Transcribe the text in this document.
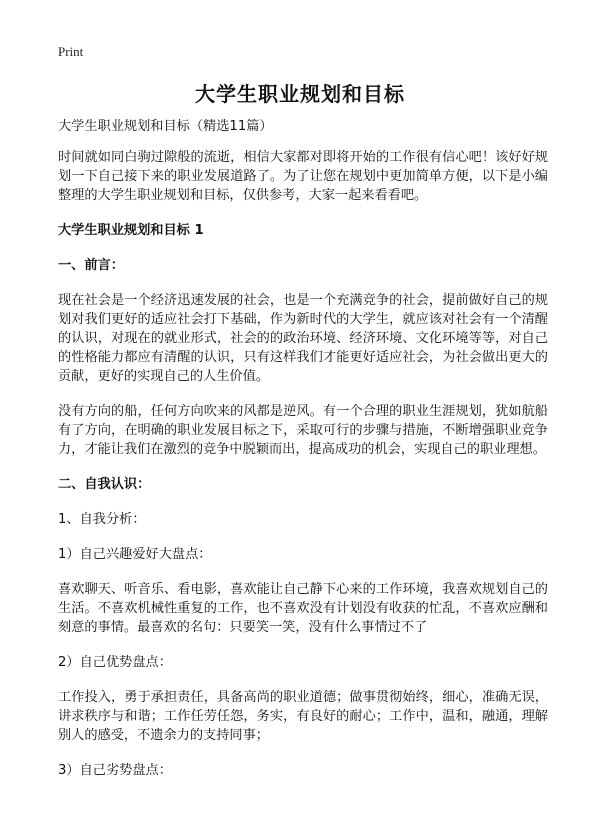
Print
大学生职业规划和目标

大学生职业规划和目标（精选11篇）

时间就如同白驹过隙般的流逝，相信大家都对即将开始的工作很有信心吧！该好好规划一下自己接下来的职业发展道路了。为了让您在规划中更加简单方便，以下是小编整理的大学生职业规划和目标，仅供参考，大家一起来看看吧。

大学生职业规划和目标 1

一、前言：

现在社会是一个经济迅速发展的社会，也是一个充满竞争的社会，提前做好自己的规划对我们更好的适应社会打下基础，作为新时代的大学生，就应该对社会有一个清醒的认识，对现在的就业形式，社会的的政治环境、经济环境、文化环境等等，对自己的性格能力都应有清醒的认识，只有这样我们才能更好适应社会，为社会做出更大的贡献，更好的实现自己的人生价值。

没有方向的船，任何方向吹来的风都是逆风。有一个合理的职业生涯规划，犹如航船有了方向，在明确的职业发展目标之下，采取可行的步骤与措施，不断增强职业竞争力，才能让我们在激烈的竞争中脱颖而出，提高成功的机会，实现自己的职业理想。

二、自我认识：

1、自我分析：

1）自己兴趣爱好大盘点：

喜欢聊天、听音乐、看电影，喜欢能让自己静下心来的工作环境，我喜欢规划自己的生活。不喜欢机械性重复的工作，也不喜欢没有计划没有收获的忙乱，不喜欢应酬和刻意的事情。最喜欢的名句：只要笑一笑，没有什么事情过不了

2）自己优势盘点：

工作投入，勇于承担责任，具备高尚的职业道德；做事贯彻始终，细心，准确无误，讲求秩序与和谐；工作任劳任怨，务实，有良好的耐心；工作中，温和，融通，理解别人的感受，不遗余力的支持同事；

3）自己劣势盘点：
